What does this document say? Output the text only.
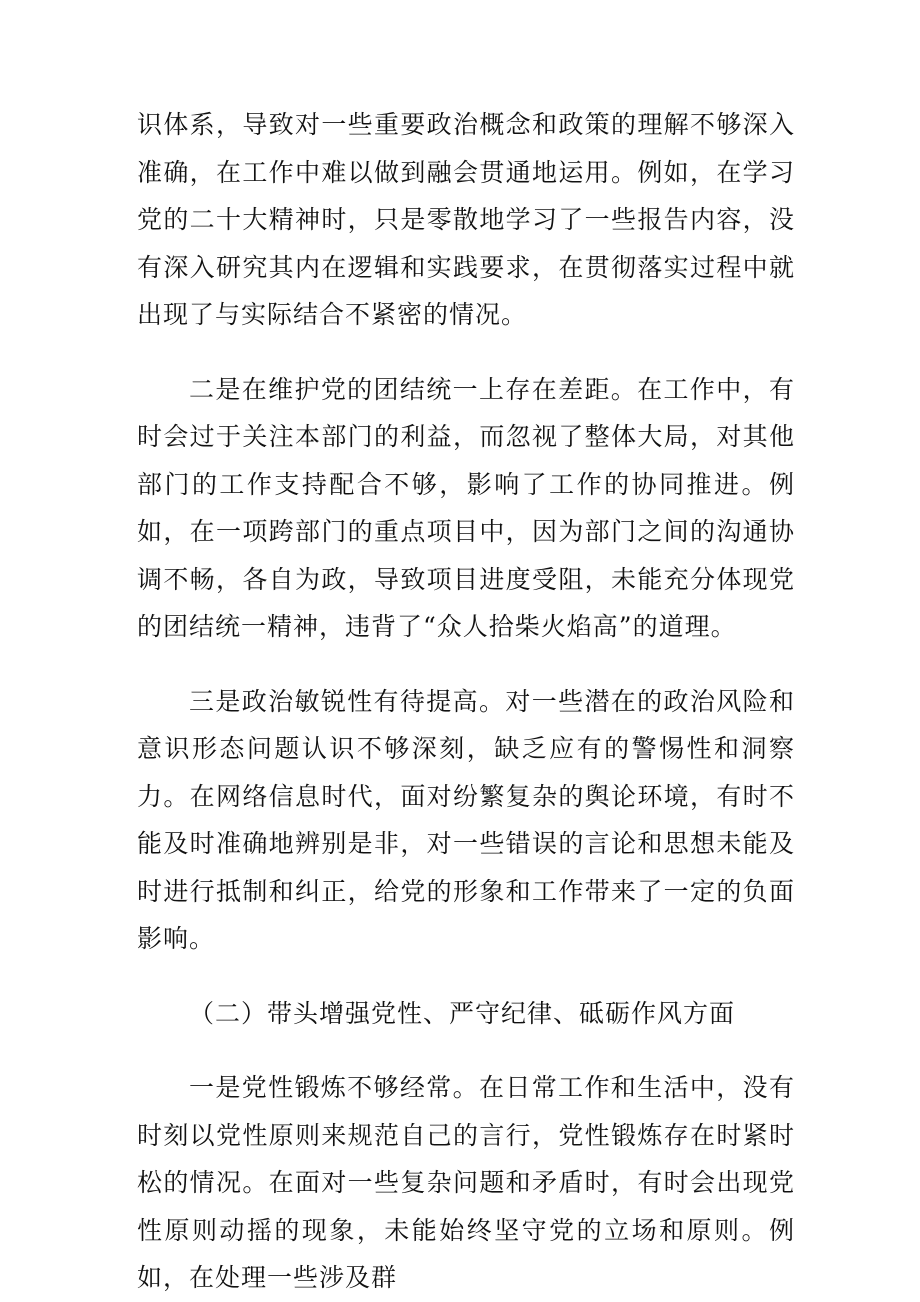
识体系，导致对一些重要政治概念和政策的理解不够深入准确，在工作中难以做到融会贯通地运用。例如，在学习党的二十大精神时，只是零散地学习了一些报告内容，没有深入研究其内在逻辑和实践要求，在贯彻落实过程中就出现了与实际结合不紧密的情况。

二是在维护党的团结统一上存在差距。在工作中，有时会过于关注本部门的利益，而忽视了整体大局，对其他部门的工作支持配合不够，影响了工作的协同推进。例如，在一项跨部门的重点项目中，因为部门之间的沟通协调不畅，各自为政，导致项目进度受阻，未能充分体现党的团结统一精神，违背了“众人拾柴火焰高”的道理。

三是政治敏锐性有待提高。对一些潜在的政治风险和意识形态问题认识不够深刻，缺乏应有的警惕性和洞察力。在网络信息时代，面对纷繁复杂的舆论环境，有时不能及时准确地辨别是非，对一些错误的言论和思想未能及时进行抵制和纠正，给党的形象和工作带来了一定的负面影响。

（二）带头增强党性、严守纪律、砥砺作风方面

一是党性锻炼不够经常。在日常工作和生活中，没有时刻以党性原则来规范自己的言行，党性锻炼存在时紧时松的情况。在面对一些复杂问题和矛盾时，有时会出现党性原则动摇的现象，未能始终坚守党的立场和原则。例如，在处理一些涉及群
